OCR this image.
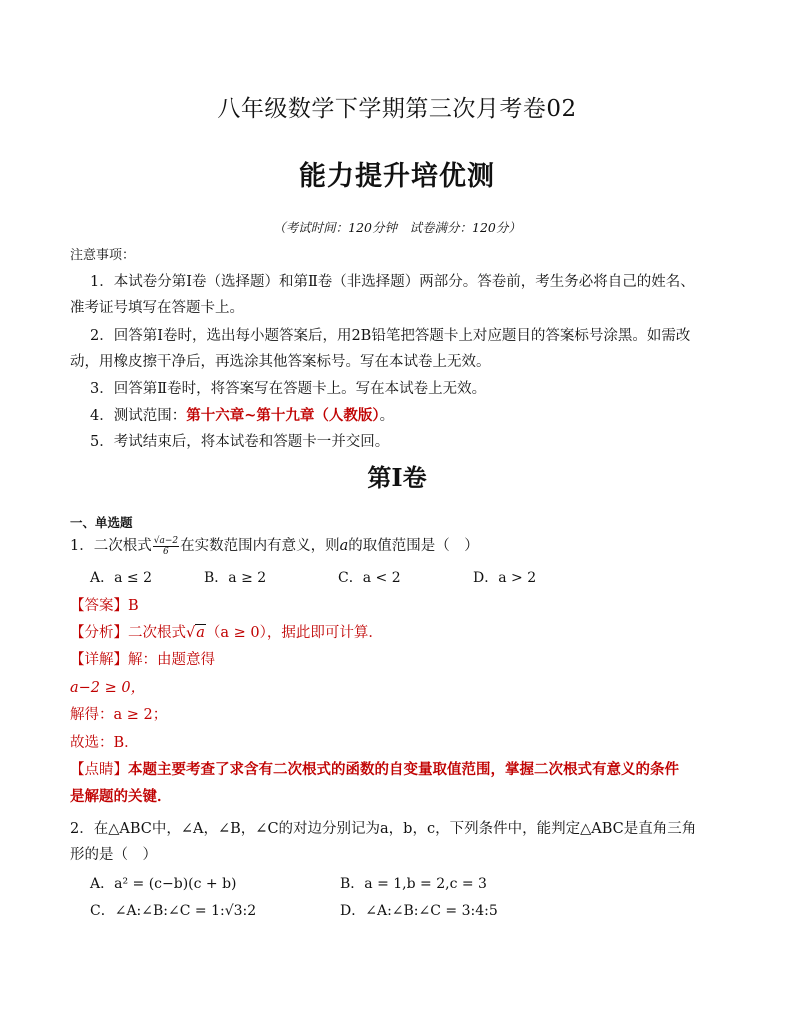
八年级数学下学期第三次月考卷02
能力提升培优测
（考试时间：120分钟　试卷满分：120分）
注意事项：
1．本试卷分第Ⅰ卷（选择题）和第Ⅱ卷（非选择题）两部分。答卷前，考生务必将自己的姓名、
准考证号填写在答题卡上。
2．回答第Ⅰ卷时，选出每小题答案后，用2B铅笔把答题卡上对应题目的答案标号涂黑。如需改
动，用橡皮擦干净后，再选涂其他答案标号。写在本试卷上无效。
3．回答第Ⅱ卷时，将答案写在答题卡上。写在本试卷上无效。
4．测试范围：第十六章~第十九章（人教版）。
5．考试结束后，将本试卷和答题卡一并交回。
第Ⅰ卷
一、单选题
1．二次根式 $\frac{√a-2}{6}$ 在实数范围内有意义，则a的取值范围是（　）
A．a ≤ 2	B．a ≥ 2	C．a < 2	D．a > 2
【答案】B
【分析】二次根式√a（a ≥ 0），据此即可计算．
【详解】解：由题意得
a−2 ≥ 0，
解得：a ≥ 2；
故选：B．
【点睛】本题主要考查了求含有二次根式的函数的自变量取值范围，掌握二次根式有意义的条件
是解题的关键．
2．在△ABC中，∠A，∠B，∠C的对边分别记为a，b，c，下列条件中，能判定△ABC是直角三角
形的是（　）
A．a² = (c−b)(c + b)	B．a = 1,b = 2,c = 3
C．∠A:∠B:∠C = 1:√3:2	D．∠A:∠B:∠C = 3:4:5
